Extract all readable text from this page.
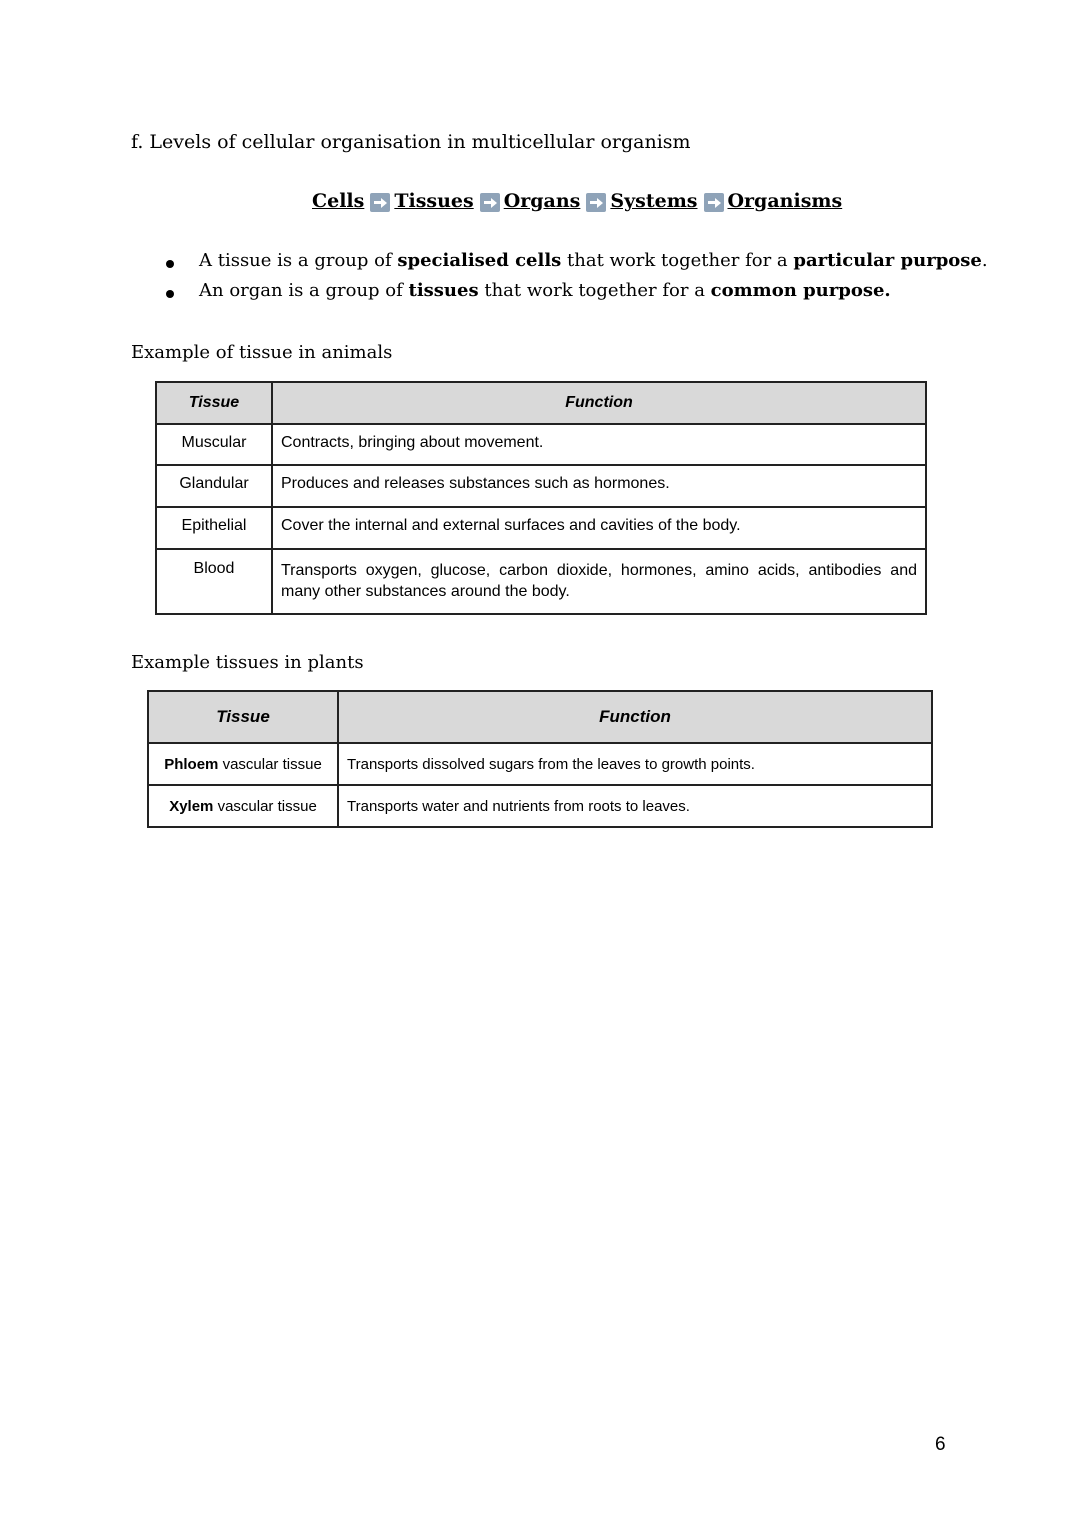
f. Levels of cellular organisation in multicellular organism
Cells Tissues Organs Systems Organisms
A tissue is a group of specialised cells that work together for a particular purpose.
An organ is a group of tissues that work together for a common purpose.
Example of tissue in animals
Tissue	Function
Muscular	Contracts, bringing about movement.
Glandular	Produces and releases substances such as hormones.
Epithelial	Cover the internal and external surfaces and cavities of the body.
Blood	Transports oxygen, glucose, carbon dioxide, hormones, amino acids, antibodies and many other substances around the body.
Example tissues in plants
Tissue	Function
Phloem vascular tissue	Transports dissolved sugars from the leaves to growth points.
Xylem vascular tissue	Transports water and nutrients from roots to leaves.
6
